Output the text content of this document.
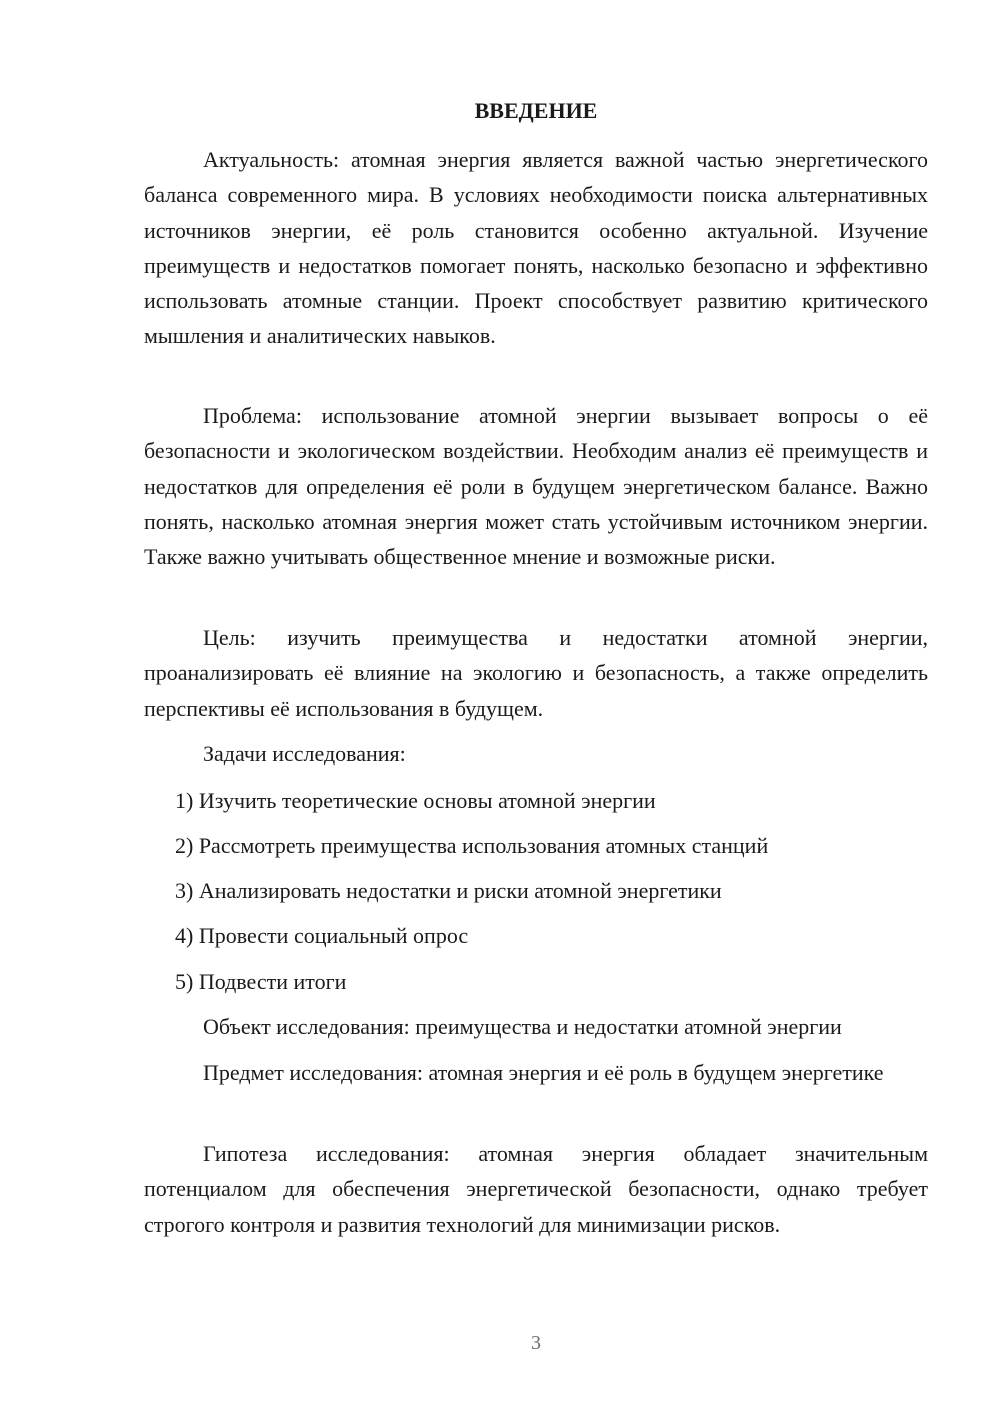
ВВЕДЕНИЕ

Актуальность: атомная энергия является важной частью энергетического баланса современного мира. В условиях необходимости поиска альтернативных источников энергии, её роль становится особенно актуальной. Изучение преимуществ и недостатков помогает понять, насколько безопасно и эффективно использовать атомные станции. Проект способствует развитию критического мышления и аналитических навыков.

Проблема: использование атомной энергии вызывает вопросы о её безопасности и экологическом воздействии. Необходим анализ её преимуществ и недостатков для определения её роли в будущем энергетическом балансе. Важно понять, насколько атомная энергия может стать устойчивым источником энергии. Также важно учитывать общественное мнение и возможные риски.

Цель: изучить преимущества и недостатки атомной энергии, проанализировать её влияние на экологию и безопасность, а также определить перспективы её использования в будущем.

Задачи исследования:

1) Изучить теоретические основы атомной энергии

2) Рассмотреть преимущества использования атомных станций

3) Анализировать недостатки и риски атомной энергетики

4) Провести социальный опрос

5) Подвести итоги

Объект исследования: преимущества и недостатки атомной энергии

Предмет исследования: атомная энергия и её роль в будущем энергетике

Гипотеза исследования: атомная энергия обладает значительным потенциалом для обеспечения энергетической безопасности, однако требует строгого контроля и развития технологий для минимизации рисков.

3
